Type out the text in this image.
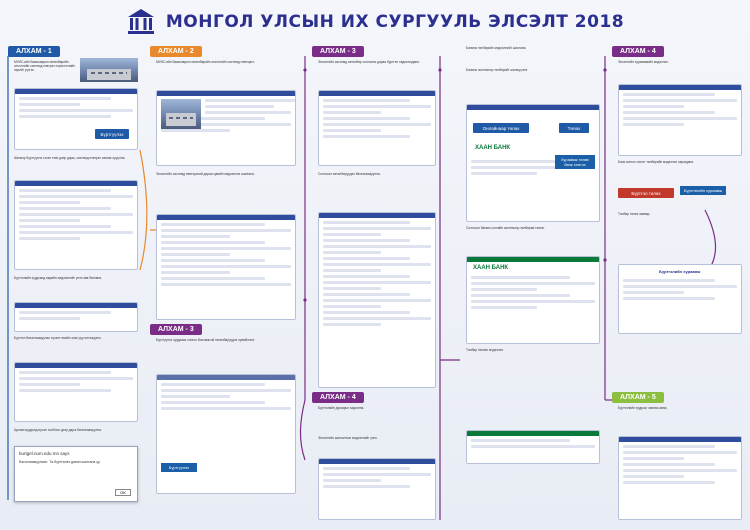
МОНГОЛ УЛСЫН ИХ СУРГУУЛЬ ЭЛСЭЛТ 2018
АЛХАМ - 1
МУИС-ийн бакалаврын хөтөлбөрийн элсэлтийн системд нэвтрэх хэрэглэгчийн нэрийг үүсгэх.
Бүртгүүлэх
Шинээр бүртгүүлэх гэсэн товч дээр дарж, системд нэвтрэх хаягаа оруулна.
Бүртгэлийн хуудсанд өөрийн мэдээллийг үнэн зөв бөглөнө.
Бүртгэл баталгаажуулах хүсэлт имэйл хаяг руу илгээгдэнэ.
Цахим шууданд ирсэн холбоос дээр дарж баталгаажуулна.
burtgel.num.edu.mn says
Баталгаажуулсан. Та бүртгэлээ дахин шалгана уу.
OK
АЛХАМ - 2
МУИС-ийн бакалаврын хөтөлбөрийн элсэлтийн системд нэвтэрнэ.
Элсэлтийн системд нэвтэрсний дараа хувийн мэдээллээ шалгана.
АЛХАМ - 3
Бүртгүүлэх хуудсаас сонгох боломжтой хөтөлбөрүүдээ эрэмбэлнэ.
Бүртгүүлэх
АЛХАМ - 3
Элсэлтийн системд хөтөлбөр сонгосны дараа бүртгэл хадгалагдана.
Сонгосон хөтөлбөрүүдээ баталгаажуулна.
АЛХАМ - 4
Бүртгэлийн дугаарыг хадгална.
Элсэлтийн шалгалтын мэдээллийг үзнэ.
Банкны төлбөрийн мэдээллийг шалгана.
Банкны системээр төлбөрийг шилжүүлнэ.
Онлайнаар төлөх	Төлөх
ХААН БАНК
Хураамж төлөх банк сонгох
Сонгосон банкны онлайн системээр төлбөрөө төлнө.
ХААН БАНК
Төлбөр төлсөн мэдээлэл.
АЛХАМ - 4
Элсэлтийн хураамжийн мэдээлэл.
Банк сонгох хэсэгт төлбөрийн мэдээлэл харагдана.
Бүртгэл төлөх	Бүртгэлийн хураамж
Төлбөр төлөх заавар.
Бүртгэлийн хураамж
АЛХАМ - 5
Бүртгэлийн хуудсыг хэвлэж авна.
